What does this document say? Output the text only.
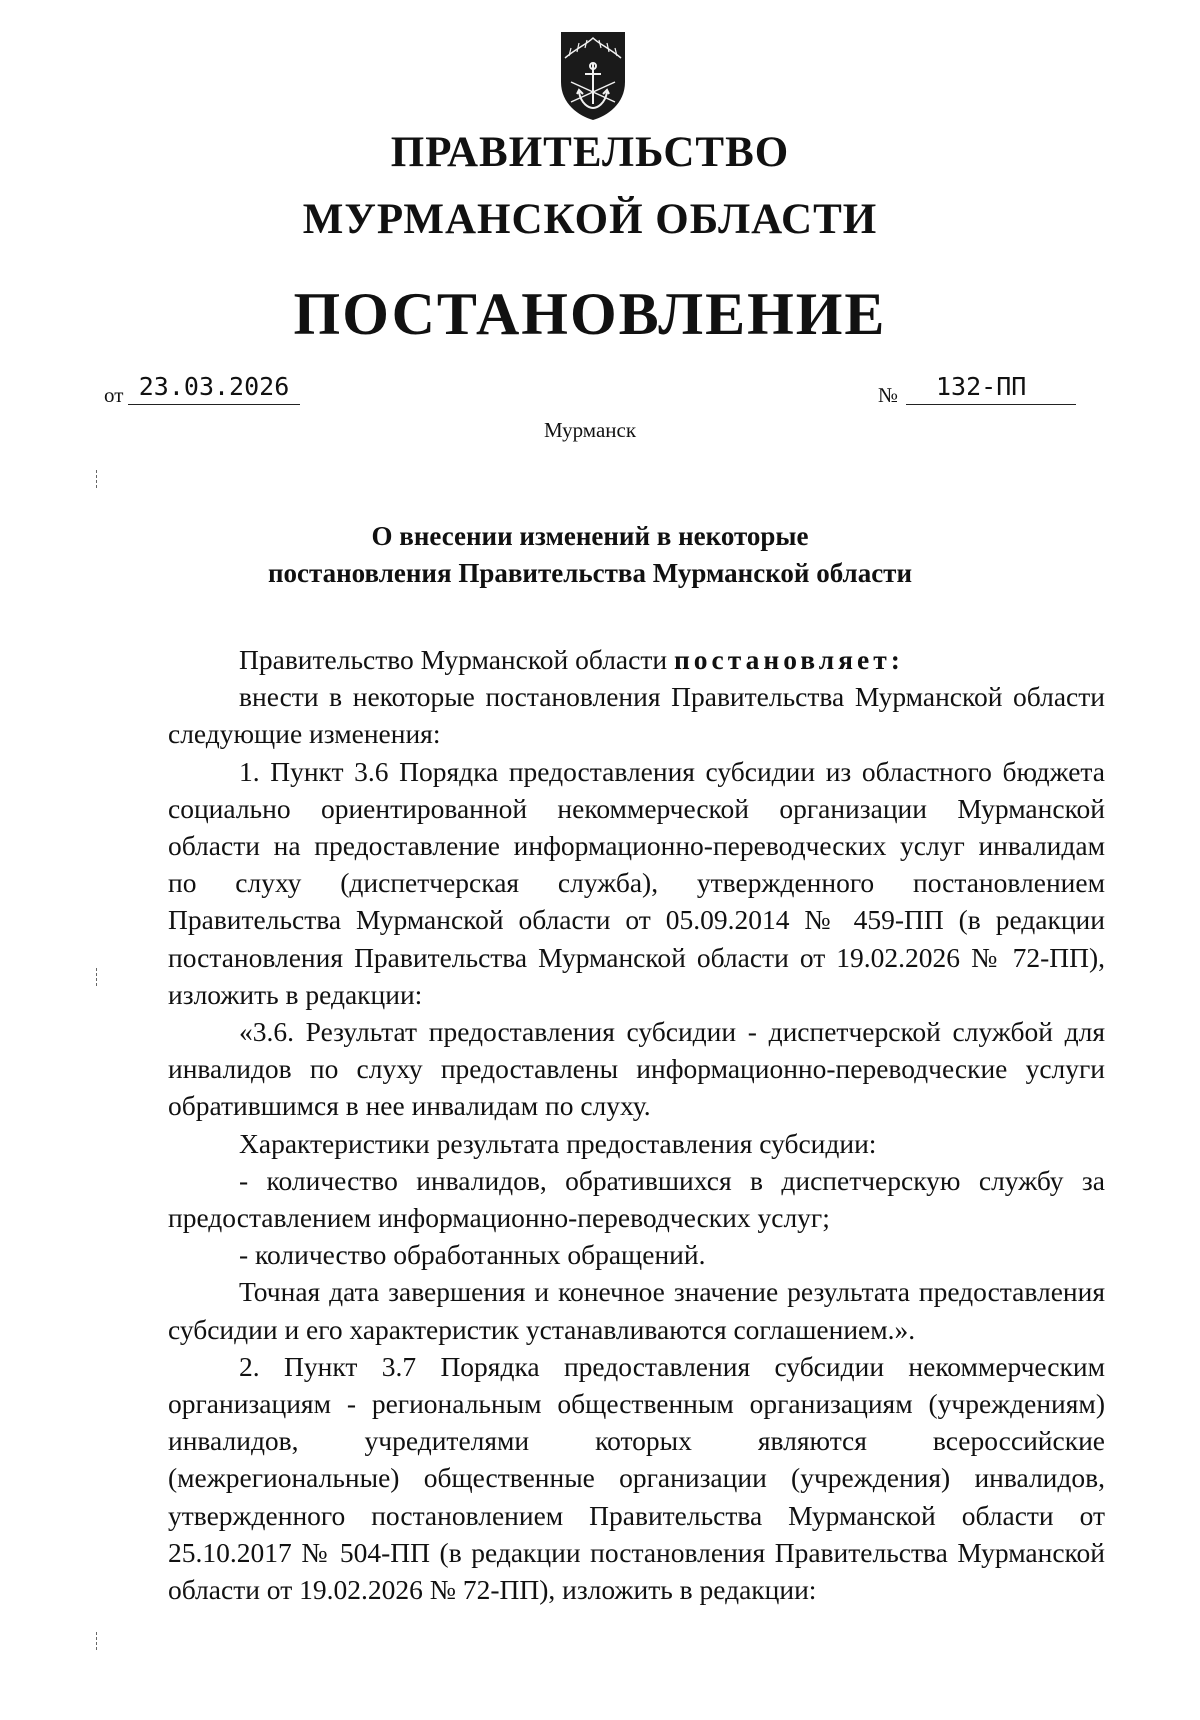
ПРАВИТЕЛЬСТВО
МУРМАНСКОЙ ОБЛАСТИ
ПОСТАНОВЛЕНИЕ
от 23.03.2026	№	132-ПП
Мурманск
О внесении изменений в некоторые
постановления Правительства Мурманской области

Правительство Мурманской области постановляет:

внести в некоторые постановления Правительства Мурманской области следующие изменения:

1. Пункт 3.6 Порядка предоставления субсидии из областного бюджета социально ориентированной некоммерческой организации Мурманской области на предоставление информационно-переводческих услуг инвалидам по слуху (диспетчерская служба), утвержденного постановлением Правительства Мурманской области от 05.09.2014 № 459-ПП (в редакции постановления Правительства Мурманской области от 19.02.2026 № 72-ПП), изложить в редакции:

«3.6. Результат предоставления субсидии - диспетчерской службой для инвалидов по слуху предоставлены информационно-переводческие услуги обратившимся в нее инвалидам по слуху.

Характеристики результата предоставления субсидии:

- количество инвалидов, обратившихся в диспетчерскую службу за предоставлением информационно-переводческих услуг;

- количество обработанных обращений.

Точная дата завершения и конечное значение результата предоставления субсидии и его характеристик устанавливаются соглашением.».

2. Пункт 3.7 Порядка предоставления субсидии некоммерческим организациям - региональным общественным организациям (учреждениям) инвалидов, учредителями которых являются всероссийские (межрегиональные) общественные организации (учреждения) инвалидов, утвержденного постановлением Правительства Мурманской области от 25.10.2017 № 504-ПП (в редакции постановления Правительства Мурманской области от 19.02.2026 № 72-ПП), изложить в редакции:
